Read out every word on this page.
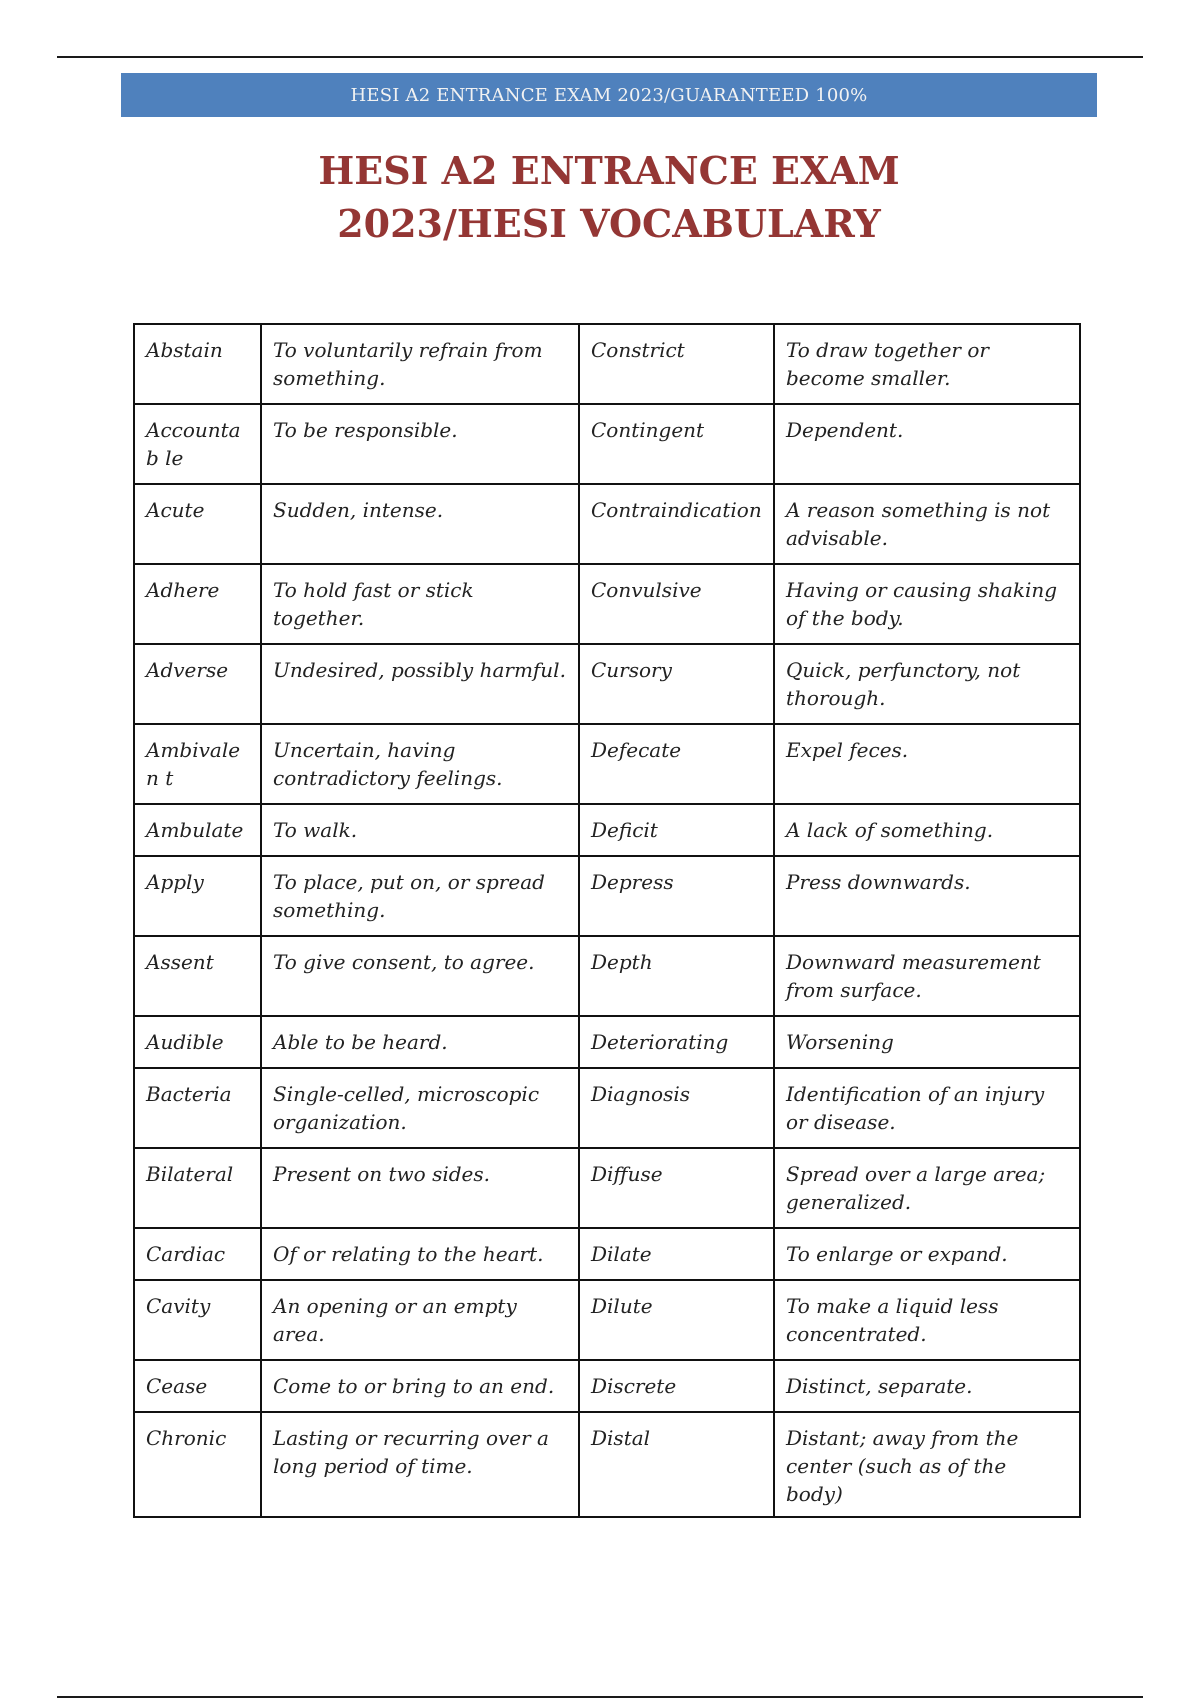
HESI A2 ENTRANCE EXAM 2023/GUARANTEED 100%
HESI A2 ENTRANCE EXAM
2023/HESI VOCABULARY
Abstain	To voluntarily refrain from something.	Constrict	To draw together or become smaller.
Accountab le	To be responsible.	Contingent	Dependent.
Acute	Sudden, intense.	Contraindication	A reason something is not advisable.
Adhere	To hold fast or stick together.	Convulsive	Having or causing shaking of the body.
Adverse	Undesired, possibly harmful.	Cursory	Quick, perfunctory, not thorough.
Ambivalen t	Uncertain, having contradictory feelings.	Defecate	Expel feces.
Ambulate	To walk.	Deficit	A lack of something.
Apply	To place, put on, or spread something.	Depress	Press downwards.
Assent	To give consent, to agree.	Depth	Downward measurement from surface.
Audible	Able to be heard.	Deteriorating	Worsening
Bacteria	Single-celled, microscopic organization.	Diagnosis	Identification of an injury or disease.
Bilateral	Present on two sides.	Diffuse	Spread over a large area; generalized.
Cardiac	Of or relating to the heart.	Dilate	To enlarge or expand.
Cavity	An opening or an empty area.	Dilute	To make a liquid less concentrated.
Cease	Come to or bring to an end.	Discrete	Distinct, separate.
Chronic	Lasting or recurring over a long period of time.	Distal	Distant; away from the center (such as of the body)
